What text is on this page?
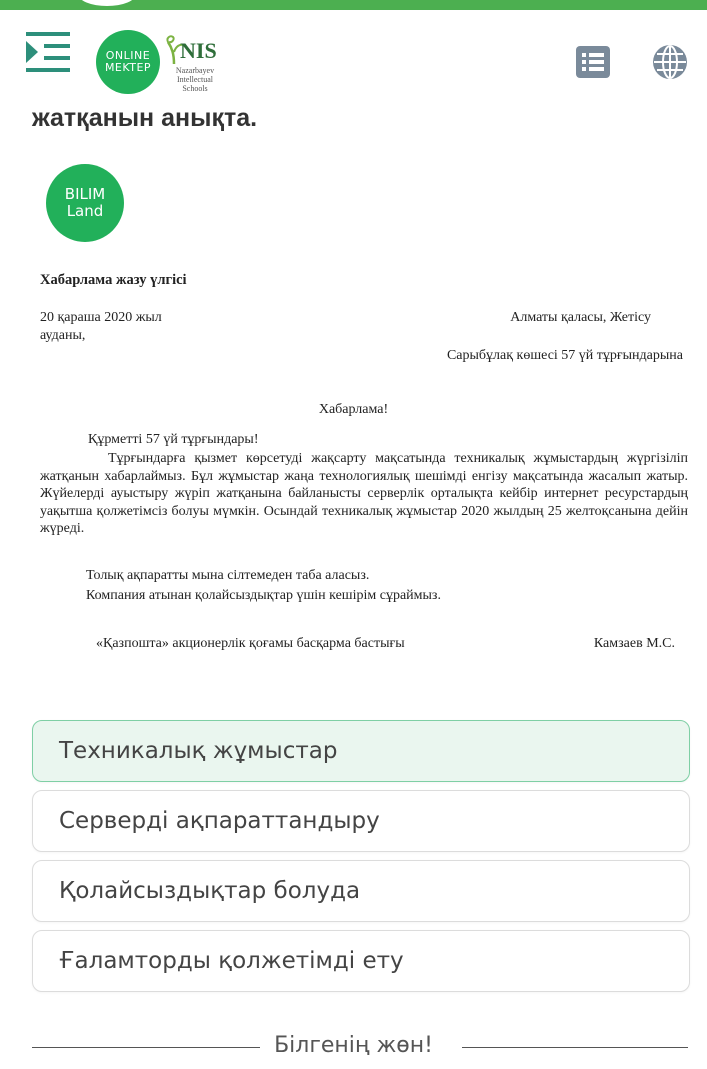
ONLINE
MEKTEP
NIS
Nazarbayev
Intellectual
Schools
жатқанын анықта.
BILIM
Land
Хабарлама жазу үлгісі
20 қараша 2020 жыл	Алматы қаласы, Жетісу
ауданы,
Сарыбұлақ көшесі 57 үй тұрғындарына
Хабарлама!
Құрметті 57 үй тұрғындары!
Тұрғындарға қызмет көрсетуді жақсарту мақсатында техникалық жұмыстардың жүргізіліп жатқанын хабарлаймыз. Бұл жұмыстар жаңа технологиялық шешімді енгізу мақсатында жасалып жатыр. Жүйелерді ауыстыру жүріп жатқанына байланысты серверлік орталықта кейбір интернет ресурстардың уақытша қолжетімсіз болуы мүмкін. Осындай техникалық жұмыстар 2020 жылдың 25 желтоқсанына дейін жүреді.
Толық ақпаратты мына сілтемеден таба аласыз.
Компания атынан қолайсыздықтар үшін кешірім сұраймыз.
«Қазпошта» акционерлік қоғамы басқарма бастығы	Камзаев М.С.
Техникалық жұмыстар
Серверді ақпараттандыру
Қолайсыздықтар болуда
Ғаламторды қолжетімді ету
Білгенің жөн!
